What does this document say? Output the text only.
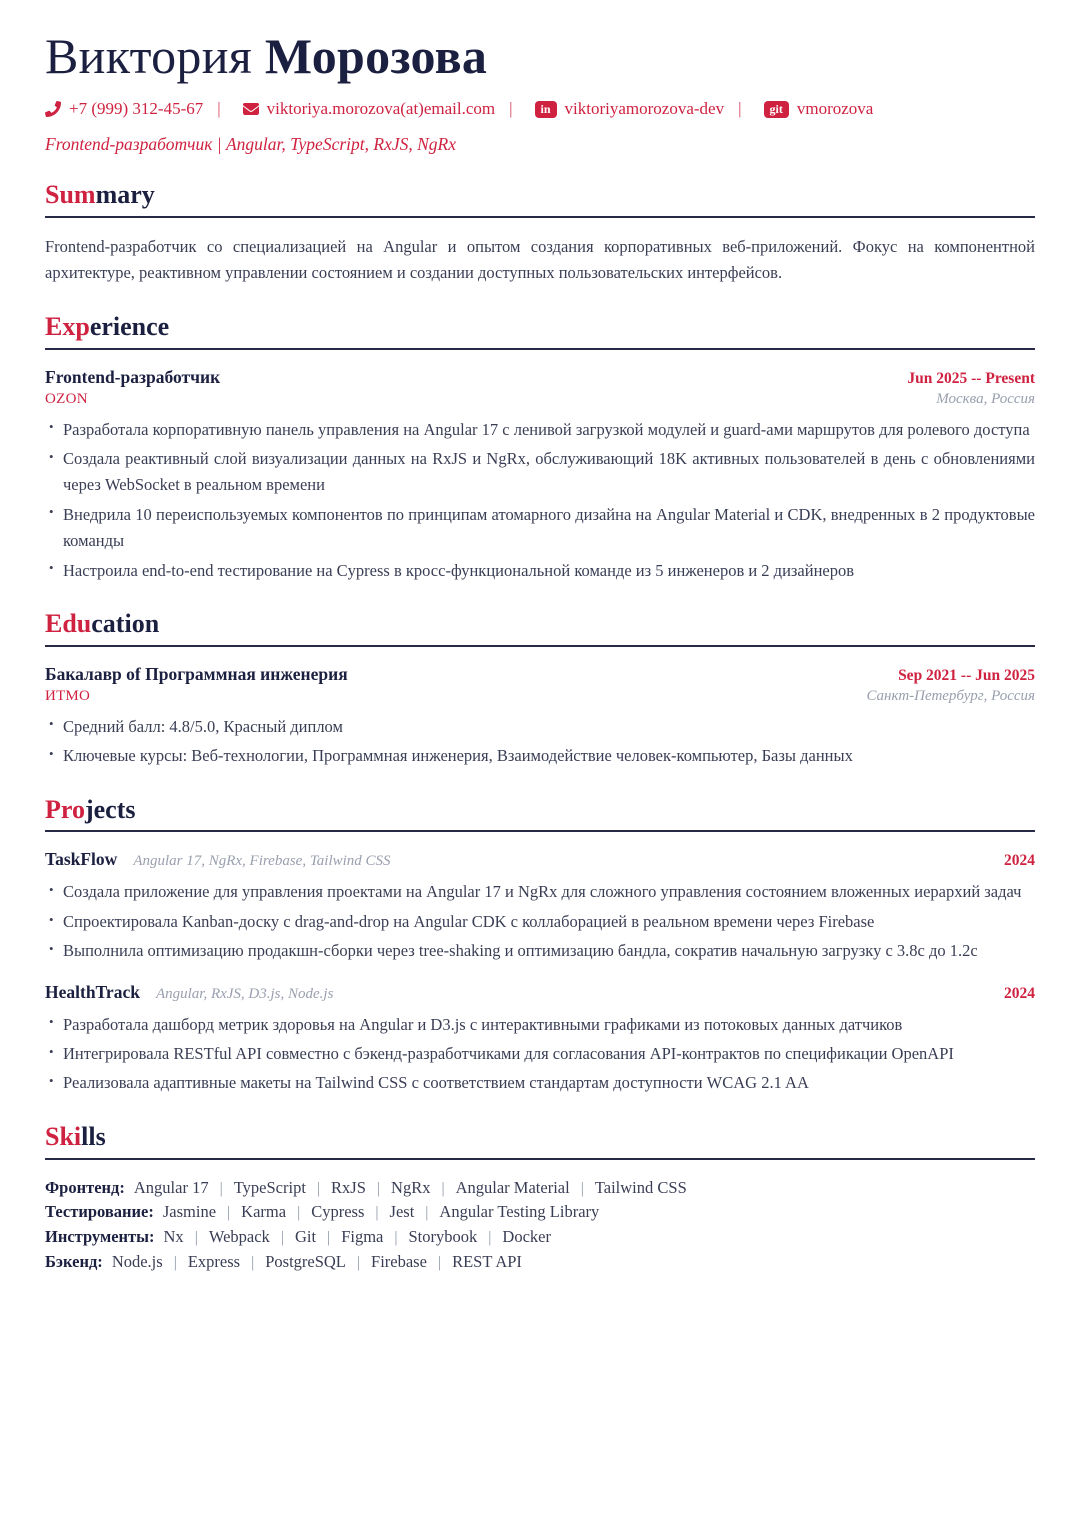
Виктория Морозова
+7 (999) 312-45-67	| viktoriya.morozova(at)email.com	| in viktoriyamorozova-dev	| git vmorozova
Frontend-разработчик | Angular, TypeScript, RxJS, NgRx
Summary

Frontend-разработчик со специализацией на Angular и опытом создания корпоративных веб-приложений. Фокус на компонентной архитектуре, реактивном управлении состоянием и создании доступных пользовательских интерфейсов.

Experience
Frontend-разработчик	Jun 2025 -- Present
OZON	Москва, Россия
• Разработала корпоративную панель управления на Angular 17 с ленивой загрузкой модулей и guard-ами маршрутов для ролевого доступа
• Создала реактивный слой визуализации данных на RxJS и NgRx, обслуживающий 18K активных пользователей в день с обновлениями через WebSocket в реальном времени
• Внедрила 10 переиспользуемых компонентов по принципам атомарного дизайна на Angular Material и CDK, внедренных в 2 продуктовые команды
• Настроила end-to-end тестирование на Cypress в кросс-функциональной команде из 5 инженеров и 2 дизайнеров
Education
Бакалавр of Программная инженерия	Sep 2021 -- Jun 2025
ИТМО	Санкт-Петербург, Россия
• Средний балл: 4.8/5.0, Красный диплом
• Ключевые курсы: Веб-технологии, Программная инженерия, Взаимодействие человек-компьютер, Базы данных
Projects
TaskFlow Angular 17, NgRx, Firebase, Tailwind CSS	2024
• Создала приложение для управления проектами на Angular 17 и NgRx для сложного управления состоянием вложенных иерархий задач
• Спроектировала Kanban-доску с drag-and-drop на Angular CDK с коллаборацией в реальном времени через Firebase
• Выполнила оптимизацию продакшн-сборки через tree-shaking и оптимизацию бандла, сократив начальную загрузку с 3.8с до 1.2с
HealthTrack Angular, RxJS, D3.js, Node.js	2024
• Разработала дашборд метрик здоровья на Angular и D3.js с интерактивными графиками из потоковых данных датчиков
• Интегрировала RESTful API совместно с бэкенд-разработчиками для согласования API-контрактов по спецификации OpenAPI
• Реализовала адаптивные макеты на Tailwind CSS с соответствием стандартам доступности WCAG 2.1 AA
Skills
Фронтенд: Angular 17 | TypeScript | RxJS | NgRx | Angular Material | Tailwind CSS
Тестирование: Jasmine | Karma | Cypress | Jest | Angular Testing Library
Инструменты: Nx | Webpack | Git | Figma | Storybook | Docker
Бэкенд: Node.js | Express | PostgreSQL | Firebase | REST API
